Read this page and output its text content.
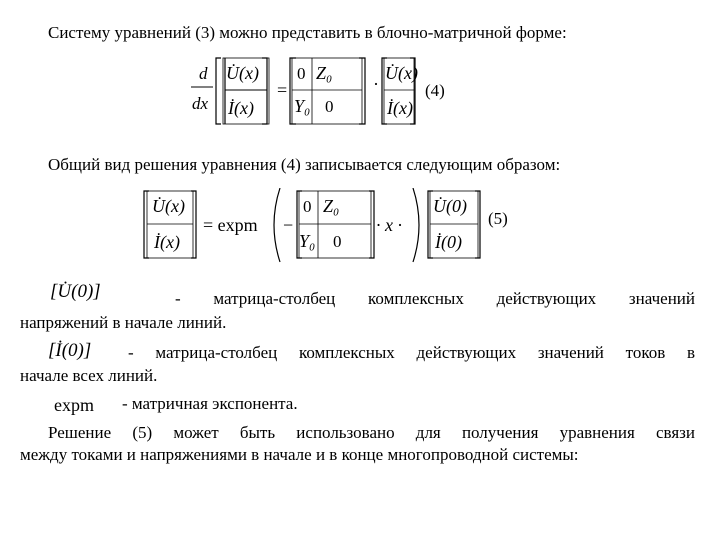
Систему уравнений (3) можно представить в блочно-матричной форме:
d
dx
U̇(x)
İ(x)
=
0 Z₀
Y₀ 0
·
U̇(x)
İ(x)
(4)
Общий вид решения уравнения (4) записывается следующим образом:
U̇(x)
İ(x)
= expm −
0 Z₀
Y₀ 0
· x ·
U̇(0)
İ(0)
(5)
[U̇(0)]	- матрица-столбец комплексных действующих значений
напряжений в начале линий.
[İ(0)] - матрица-столбец комплексных действующих значений токов в
начале всех линий.
expm - матричная экспонента.
Решение (5) может быть использовано для получения уравнения связи
между токами и напряжениями в начале и в конце многопроводной системы:
